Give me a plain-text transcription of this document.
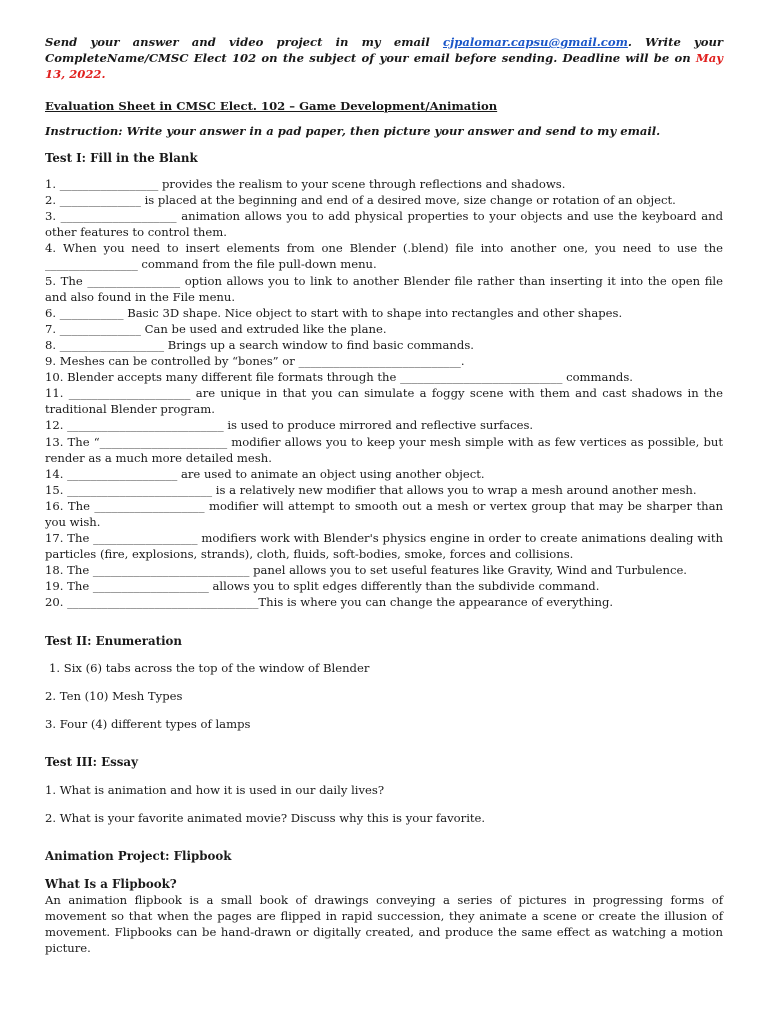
Send your answer and video project in my email cjpalomar.capsu@gmail.com. Write your CompleteName/CMSC Elect 102 on the subject of your email before sending. Deadline will be on May 13, 2022.

Evaluation Sheet in CMSC Elect. 102 – Game Development/Animation

Instruction: Write your answer in a pad paper, then picture your answer and send to my email.

Test I: Fill in the Blank

1. _________________ provides the realism to your scene through reflections and shadows.

2. ______________ is placed at the beginning and end of a desired move, size change or rotation of an object.

3. ____________________ animation allows you to add physical properties to your objects and use the keyboard and other features to control them.

4. When you need to insert elements from one Blender (.blend) file into another one, you need to use the ________________ command from the file pull-down menu.

5. The ________________ option allows you to link to another Blender file rather than inserting it into the open file and also found in the File menu.

6. ___________ Basic 3D shape. Nice object to start with to shape into rectangles and other shapes.

7. ______________ Can be used and extruded like the plane.

8. __________________ Brings up a search window to find basic commands.

9. Meshes can be controlled by “bones” or ____________________________.

10. Blender accepts many different file formats through the ____________________________ commands.

11. _____________________ are unique in that you can simulate a foggy scene with them and cast shadows in the traditional Blender program.

12. ___________________________ is used to produce mirrored and reflective surfaces.

13. The “______________________ modifier allows you to keep your mesh simple with as few vertices as possible, but render as a much more detailed mesh.

14. ___________________ are used to animate an object using another object.

15. _________________________ is a relatively new modifier that allows you to wrap a mesh around another mesh.

16. The ___________________ modifier will attempt to smooth out a mesh or vertex group that may be sharper than you wish.

17. The __________________ modifiers work with Blender's physics engine in order to create animations dealing with particles (fire, explosions, strands), cloth, fluids, soft-bodies, smoke, forces and collisions.

18. The ___________________________ panel allows you to set useful features like Gravity, Wind and Turbulence.

19. The ____________________ allows you to split edges differently than the subdivide command.

20. _________________________________This is where you can change the appearance of everything.

Test II: Enumeration

1. Six (6) tabs across the top of the window of Blender

2. Ten (10) Mesh Types

3. Four (4) different types of lamps

Test III: Essay

1. What is animation and how it is used in our daily lives?

2. What is your favorite animated movie? Discuss why this is your favorite.

Animation Project: Flipbook

What Is a Flipbook?

An animation flipbook is a small book of drawings conveying a series of pictures in progressing forms of movement so that when the pages are flipped in rapid succession, they animate a scene or create the illusion of movement. Flipbooks can be hand-drawn or digitally created, and produce the same effect as watching a motion picture.
